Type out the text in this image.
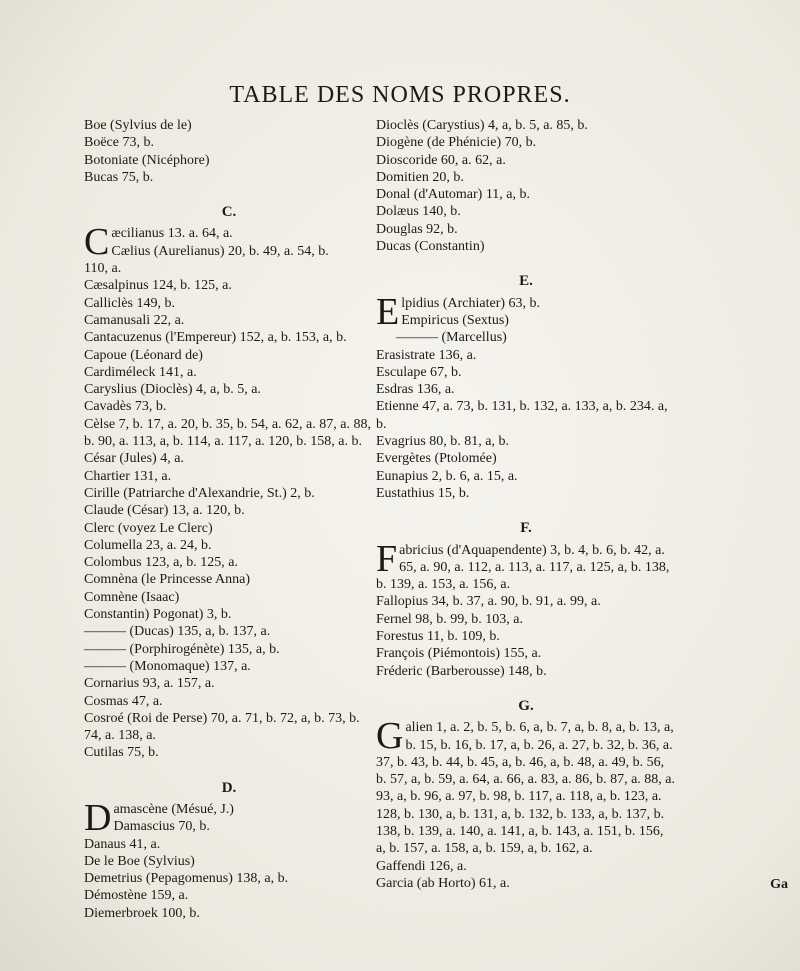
TABLE DES NOMS PROPRES.
Boe (Sylvius de le)
Boëce 73, b.
Botoniate (Nicéphore)
Bucas 75, b.
C.
C æcilianus 13. a. 64, a.
Cælius (Aurelianus) 20, b. 49, a. 54, b.
110, a.
Cæsalpinus 124, b. 125, a.
Calliclès 149, b.
Camanusali 22, a.
Cantacuzenus (l'Empereur) 152, a, b. 153, a, b.
Capoue (Léonard de)
Cardiméleck 141, a.
Caryslius (Dioclès) 4, a, b. 5, a.
Cavadès 73, b.
Cèlse 7, b. 17, a. 20, b. 35, b. 54, a. 62, a. 87, a. 88, b. 90, a. 113, a, b. 114, a. 117, a. 120, b. 158, a. b.
César (Jules) 4, a.
Chartier 131, a.
Cirille (Patriarche d'Alexandrie, St.) 2, b.
Claude (César) 13, a. 120, b.
Clerc (voyez Le Clerc)
Columella 23, a. 24, b.
Colombus 123, a, b. 125, a.
Comnèna (le Princesse Anna)
Comnène (Isaac)
Constantin) Pogonat) 3, b.
——— (Ducas) 135, a, b. 137, a.
——— (Porphirogénète) 135, a, b.
——— (Monomaque) 137, a.
Cornarius 93, a. 157, a.
Cosmas 47, a.
Cosroé (Roi de Perse) 70, a. 71, b. 72, a, b. 73, b. 74, a. 138, a.
Cutilas 75, b.
D.
D amascène (Mésué, J.)
Damascius 70, b.
Danaus 41, a.
De le Boe (Sylvius)
Demetrius (Pepagomenus) 138, a, b.
Démostène 159, a.
Diemerbroek 100, b.
Dioclès (Carystius) 4, a, b. 5, a. 85, b.
Diogène (de Phénicie) 70, b.
Dioscoride 60, a. 62, a.
Domitien 20, b.
Donal (d'Automar) 11, a, b.
Dolæus 140, b.
Douglas 92, b.
Ducas (Constantin)
E.
E lpidius (Archiater) 63, b.
Empiricus (Sextus)
——— (Marcellus)
Erasistrate 136, a.
Esculape 67, b.
Esdras 136, a.
Etienne 47, a. 73, b. 131, b. 132, a. 133, a, b. 234. a, b.
Evagrius 80, b. 81, a, b.
Evergètes (Ptolomée)
Eunapius 2, b. 6, a. 15, a.
Eustathius 15, b.
F.
F abricius (d'Aquapendente) 3, b. 4, b. 6, b. 42, a. 65, a. 90, a. 112, a. 113, a. 117, a. 125, a, b. 138, b. 139, a. 153, a. 156, a.
Fallopius 34, b. 37, a. 90, b. 91, a. 99, a.
Fernel 98, b. 99, b. 103, a.
Forestus 11, b. 109, b.
François (Piémontois) 155, a.
Fréderic (Barberousse) 148, b.
G.
G alien 1, a. 2, b. 5, b. 6, a, b. 7, a, b. 8, a, b. 13, a, b. 15, b. 16, b. 17, a, b. 26, a. 27, b. 32, b. 36, a. 37, b. 43, b. 44, b. 45, a, b. 46, a, b. 48, a. 49, b. 56, b. 57, a, b. 59, a. 64, a. 66, a. 83, a. 86, b. 87, a. 88, a. 93, a, b. 96, a. 97, b. 98, b. 117, a. 118, a, b. 123, a. 128, b. 130, a, b. 131, a, b. 132, b. 133, a, b. 137, b. 138, b. 139, a. 140, a. 141, a, b. 143, a. 151, b. 156, a, b. 157, a. 158, a, b. 159, a, b. 162, a.
Gaffendi 126, a.
Garcia (ab Horto) 61, a.	Ga
